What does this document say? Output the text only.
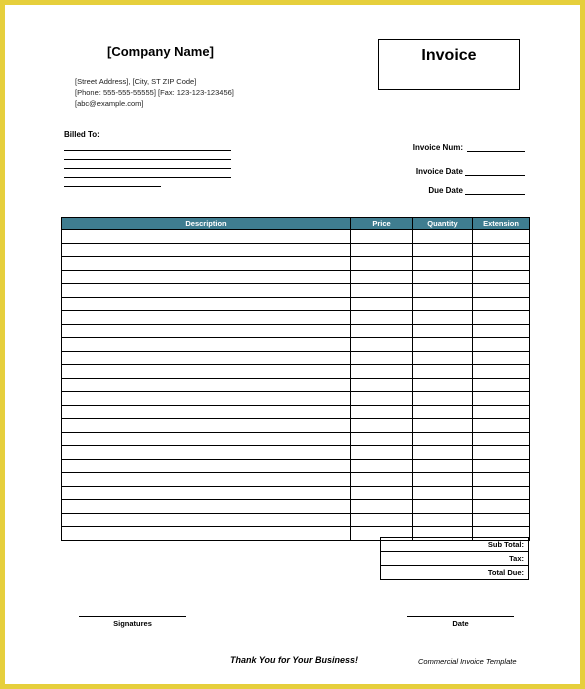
[Company Name]
[Street Address], [City, ST ZIP Code]
[Phone: 555-555-55555] [Fax: 123-123-123456]
[abc@example.com]
Invoice
Billed To:
Invoice Num:
Invoice Date
Due Date
Description	Price	Quantity	Extension

Sub Total:
Tax:
Total Due:
Signatures	Date
Thank You for Your Business!	Commercial Invoice Template
